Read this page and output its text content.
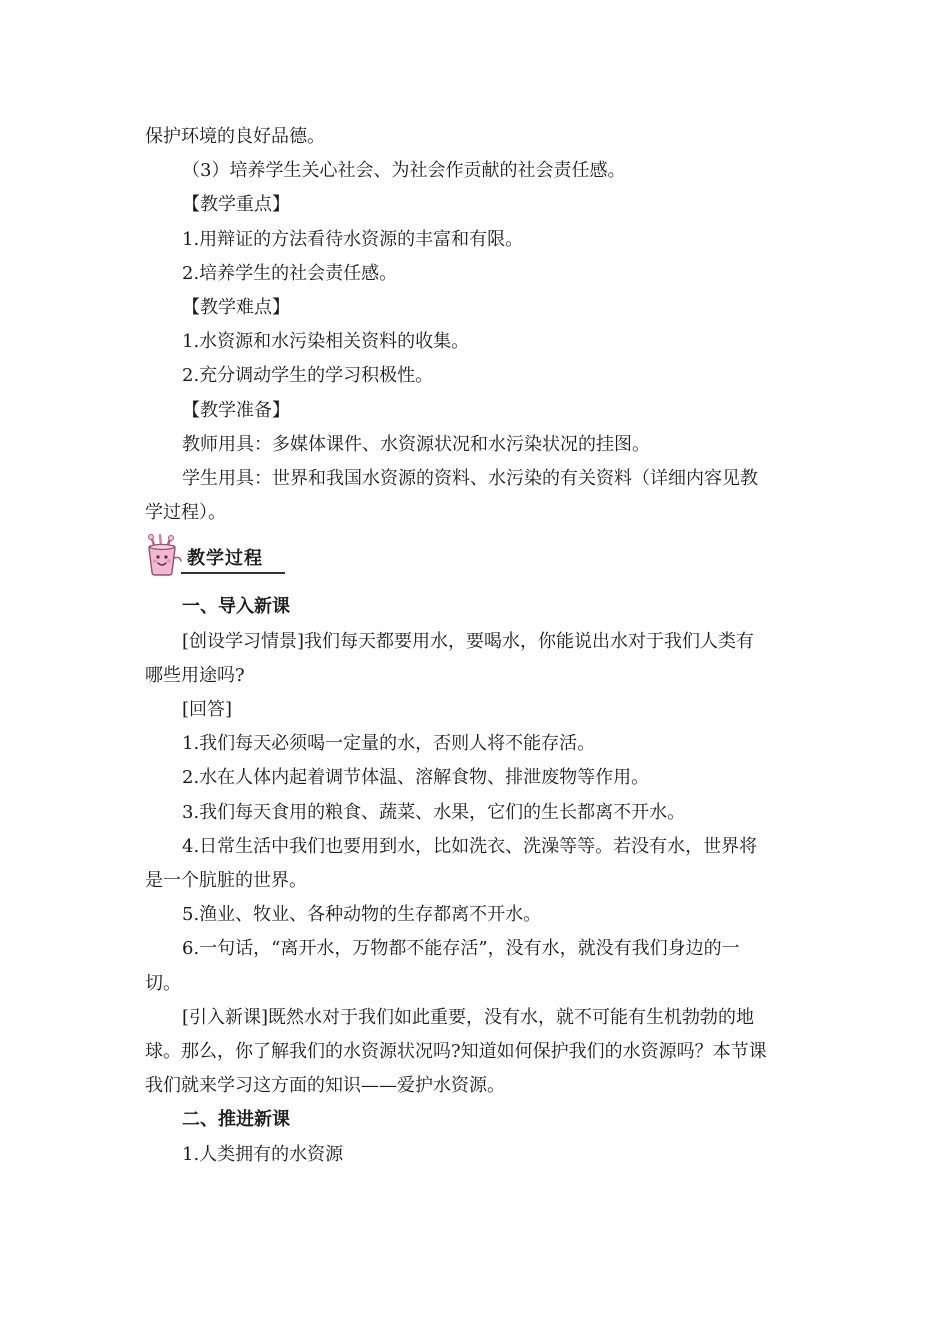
保护环境的良好品德。

（3）培养学生关心社会、为社会作贡献的社会责任感。

【教学重点】

1.用辩证的方法看待水资源的丰富和有限。

2.培养学生的社会责任感。

【教学难点】

1.水资源和水污染相关资料的收集。

2.充分调动学生的学习积极性。

【教学准备】

教师用具：多媒体课件、水资源状况和水污染状况的挂图。

学生用具：世界和我国水资源的资料、水污染的有关资料（详细内容见教

学过程）。

教学过程

一、导入新课

[创设学习情景]我们每天都要用水，要喝水，你能说出水对于我们人类有

哪些用途吗?

[回答]

1.我们每天必须喝一定量的水，否则人将不能存活。

2.水在人体内起着调节体温、溶解食物、排泄废物等作用。

3.我们每天食用的粮食、蔬菜、水果，它们的生长都离不开水。

4.日常生活中我们也要用到水，比如洗衣、洗澡等等。若没有水，世界将

是一个肮脏的世界。

5.渔业、牧业、各种动物的生存都离不开水。

6.一句话，“离开水，万物都不能存活”，没有水，就没有我们身边的一

切。

[引入新课]既然水对于我们如此重要，没有水，就不可能有生机勃勃的地

球。那么，你了解我们的水资源状况吗?知道如何保护我们的水资源吗？本节课

我们就来学习这方面的知识——爱护水资源。

二、推进新课

1.人类拥有的水资源
